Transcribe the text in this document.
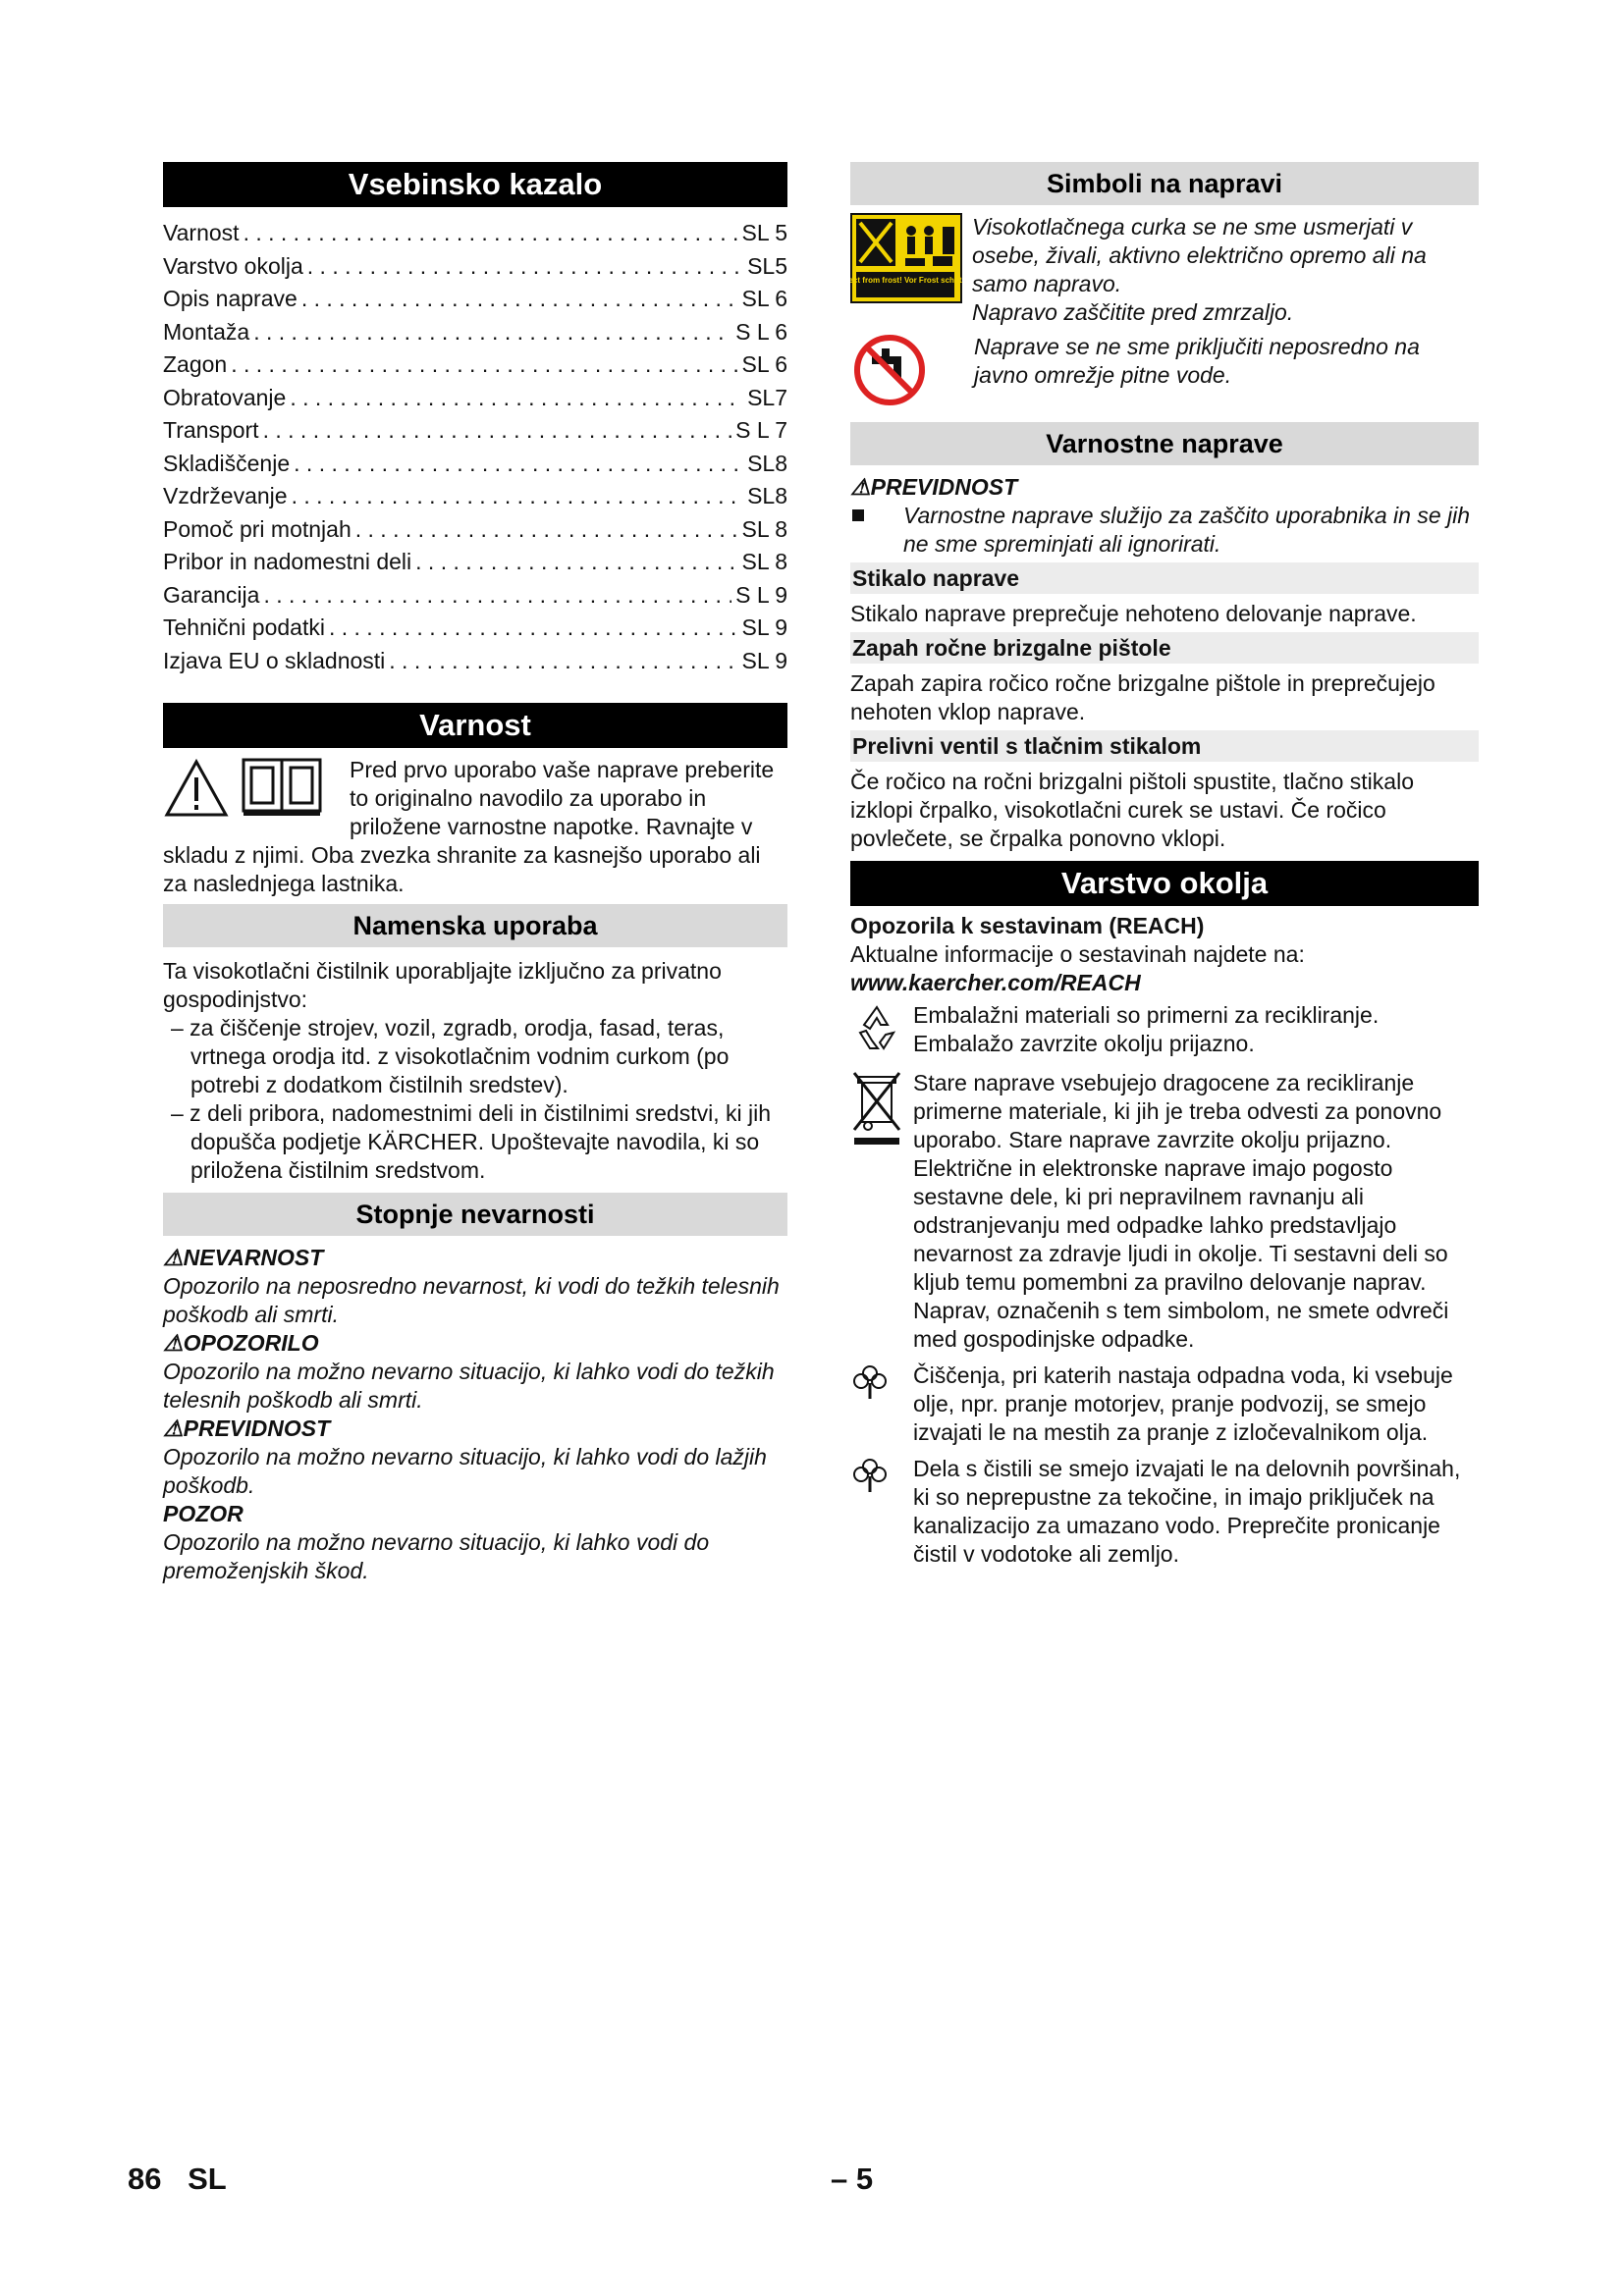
Vsebinsko kazalo
Varnost . . .	SL 5
Varstvo okolja . . .	SL5
Opis naprave . . .	SL 6
Montaža . . .	S L 6
Zagon . . .	SL 6
Obratovanje . . .	SL7
Transport . . .	S L 7
Skladiščenje . . .	SL8
Vzdrževanje . . .	SL8
Pomoč pri motnjah . . .	SL 8
Pribor in nadomestni deli . . .	SL 8
Garancija . . .	S L 9
Tehnični podatki . . .	SL 9
Izjava EU o skladnosti . . .	SL 9
Varnost

Pred prvo uporabo vaše naprave preberite to originalno navodilo za uporabo in priložene varnostne napotke. Ravnajte v skladu z njimi. Oba zvezka shranite za kasnejšo uporabo ali za naslednjega lastnika.

Namenska uporaba

Ta visokotlačni čistilnik uporabljajte izključno za privatno gospodinjstvo:

– za čiščenje strojev, vozil, zgradb, orodja, fasad, teras, vrtnega orodja itd. z visokotlačnim vodnim curkom (po potrebi z dodatkom čistilnih sredstev).

– z deli pribora, nadomestnimi deli in čistilnimi sredstvi, ki jih dopušča podjetje KÄRCHER. Upoštevajte navodila, ki so priložena čistilnim sredstvom.

Stopnje nevarnosti

⚠NEVARNOST

Opozorilo na neposredno nevarnost, ki vodi do težkih telesnih poškodb ali smrti.

⚠OPOZORILO

Opozorilo na možno nevarno situacijo, ki lahko vodi do težkih telesnih poškodb ali smrti.

⚠PREVIDNOST

Opozorilo na možno nevarno situacijo, ki lahko vodi do lažjih poškodb.

POZOR

Opozorilo na možno nevarno situacijo, ki lahko vodi do premoženjskih škod.

Simboli na napravi
ect from frost! Vor Frost schüt

Visokotlačnega curka se ne sme usmerjati v osebe, živali, aktivno električno opremo ali na samo napravo.

Napravo zaščitite pred zmrzaljo.

Naprave se ne sme priključiti neposredno na javno omrežje pitne vode.

Varnostne naprave

⚠PREVIDNOST

Varnostne naprave služijo za zaščito uporabnika in se jih ne sme spreminjati ali ignorirati.

Stikalo naprave

Stikalo naprave preprečuje nehoteno delovanje naprave.

Zapah ročne brizgalne pištole

Zapah zapira ročico ročne brizgalne pištole in preprečujejo nehoten vklop naprave.

Prelivni ventil s tlačnim stikalom

Če ročico na ročni brizgalni pištoli spustite, tlačno stikalo izklopi črpalko, visokotlačni curek se ustavi. Če ročico povlečete, se črpalka ponovno vklopi.

Varstvo okolja

Opozorila k sestavinam (REACH)

Aktualne informacije o sestavinah najdete na:

www.kaercher.com/REACH

Embalažni materiali so primerni za recikliranje. Embalažo zavrzite okolju prijazno.

Stare naprave vsebujejo dragocene za recikliranje primerne materiale, ki jih je treba odvesti za ponovno uporabo. Stare naprave zavrzite okolju prijazno.

Električne in elektronske naprave imajo pogosto sestavne dele, ki pri nepravilnem ravnanju ali odstranjevanju med odpadke lahko predstavljajo nevarnost za zdravje ljudi in okolje. Ti sestavni deli so kljub temu pomembni za pravilno delovanje naprav. Naprav, označenih s tem simbolom, ne smete odvreči med gospodinjske odpadke.

Čiščenja, pri katerih nastaja odpadna voda, ki vsebuje olje, npr. pranje motorjev, pranje podvozij, se smejo izvajati le na mestih za pranje z izločevalnikom olja.

Dela s čistili se smejo izvajati le na delovnih površinah, ki so neprepustne za tekočine, in imajo priključek na kanalizacijo za umazano vodo. Preprečite pronicanje čistil v vodotoke ali zemljo.

86 SL	– 5
